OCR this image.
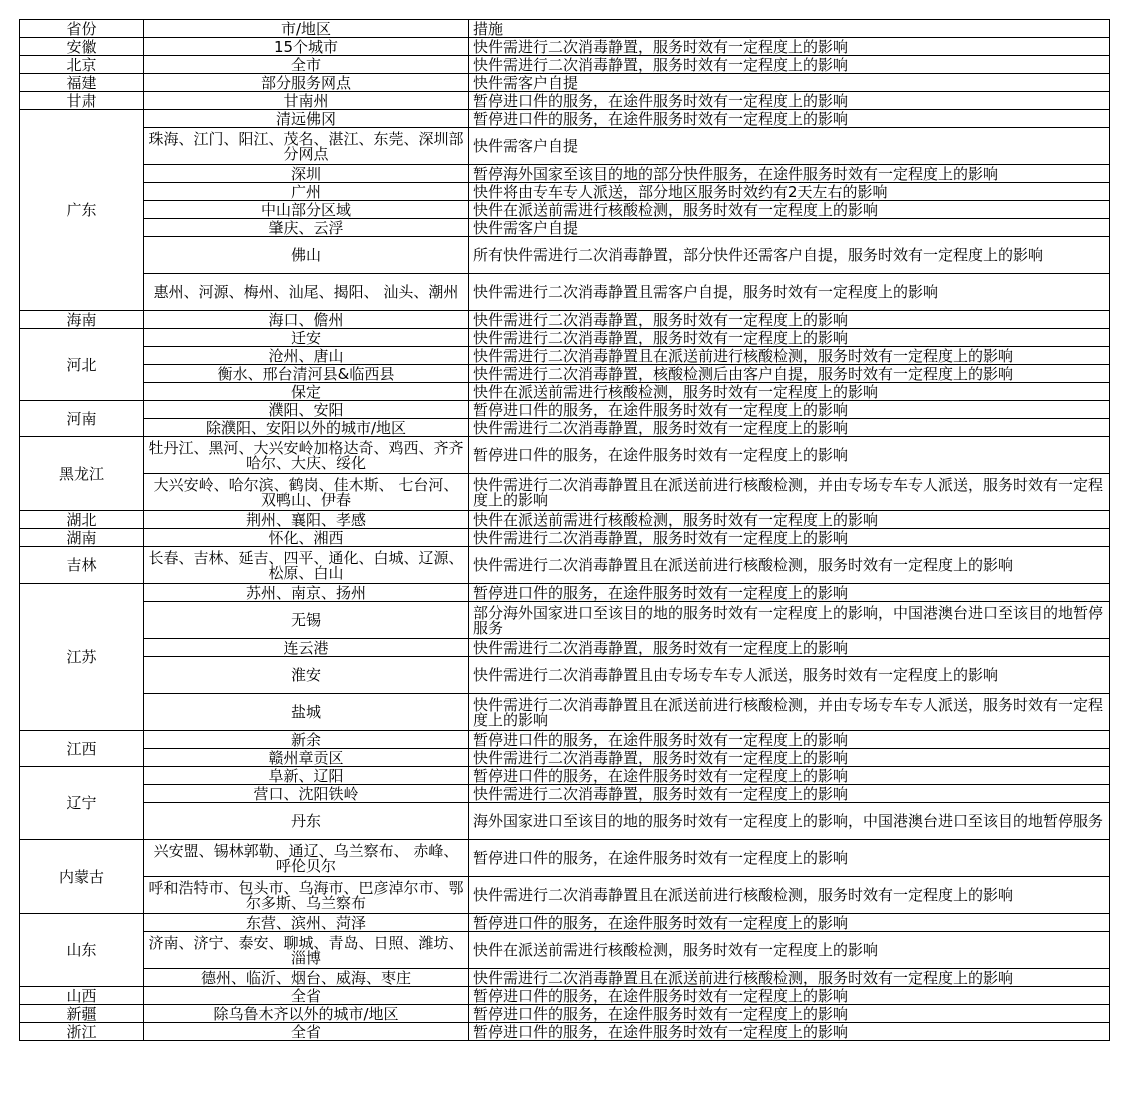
省份	市/地区	措施
安徽	15个城市	快件需进行二次消毒静置，服务时效有一定程度上的影响
北京	全市	快件需进行二次消毒静置，服务时效有一定程度上的影响
福建	部分服务网点	快件需客户自提
甘肃	甘南州	暂停进口件的服务，在途件服务时效有一定程度上的影响
广东	清远佛冈	暂停进口件的服务，在途件服务时效有一定程度上的影响
	珠海、江门、阳江、茂名、湛江、东莞、深圳部分网点	快件需客户自提
	深圳	暂停海外国家至该目的地的部分快件服务，在途件服务时效有一定程度上的影响
	广州	快件将由专车专人派送，部分地区服务时效约有2天左右的影响
	中山部分区域	快件在派送前需进行核酸检测，服务时效有一定程度上的影响
	肇庆、云浮	快件需客户自提
	佛山	所有快件需进行二次消毒静置，部分快件还需客户自提，服务时效有一定程度上的影响
	惠州、河源、梅州、汕尾、揭阳、 汕头、潮州	快件需进行二次消毒静置且需客户自提，服务时效有一定程度上的影响
海南	海口、儋州	快件需进行二次消毒静置，服务时效有一定程度上的影响
河北	迁安	快件需进行二次消毒静置，服务时效有一定程度上的影响
	沧州、唐山	快件需进行二次消毒静置且在派送前进行核酸检测，服务时效有一定程度上的影响
	衡水、邢台清河县&临西县	快件需进行二次消毒静置，核酸检测后由客户自提，服务时效有一定程度上的影响
	保定	快件在派送前需进行核酸检测，服务时效有一定程度上的影响
河南	濮阳、安阳	暂停进口件的服务，在途件服务时效有一定程度上的影响
	除濮阳、安阳以外的城市/地区	快件需进行二次消毒静置，服务时效有一定程度上的影响
黑龙江	牡丹江、黑河、大兴安岭加格达奇、鸡西、齐齐哈尔、大庆、绥化	暂停进口件的服务，在途件服务时效有一定程度上的影响
	大兴安岭、哈尔滨、鹤岗、佳木斯、 七台河、双鸭山、伊春	快件需进行二次消毒静置且在派送前进行核酸检测，并由专场专车专人派送，服务时效有一定程度上的影响
湖北	荆州、襄阳、孝感	快件在派送前需进行核酸检测，服务时效有一定程度上的影响
湖南	怀化、湘西	快件需进行二次消毒静置，服务时效有一定程度上的影响
吉林	长春、吉林、延吉、四平、通化、白城、辽源、松原、白山	快件需进行二次消毒静置且在派送前进行核酸检测，服务时效有一定程度上的影响
江苏	苏州、南京、扬州	暂停进口件的服务，在途件服务时效有一定程度上的影响
	无锡	部分海外国家进口至该目的地的服务时效有一定程度上的影响，中国港澳台进口至该目的地暂停服务
	连云港	快件需进行二次消毒静置，服务时效有一定程度上的影响
	淮安	快件需进行二次消毒静置且由专场专车专人派送，服务时效有一定程度上的影响
	盐城	快件需进行二次消毒静置且在派送前进行核酸检测，并由专场专车专人派送，服务时效有一定程度上的影响
江西	新余	暂停进口件的服务，在途件服务时效有一定程度上的影响
	赣州章贡区	快件需进行二次消毒静置，服务时效有一定程度上的影响
辽宁	阜新、辽阳	暂停进口件的服务，在途件服务时效有一定程度上的影响
	营口、沈阳铁岭	快件需进行二次消毒静置，服务时效有一定程度上的影响
	丹东	海外国家进口至该目的地的服务时效有一定程度上的影响，中国港澳台进口至该目的地暂停服务
内蒙古	兴安盟、锡林郭勒、通辽、乌兰察布、 赤峰、呼伦贝尔	暂停进口件的服务，在途件服务时效有一定程度上的影响
	呼和浩特市、包头市、乌海市、巴彦淖尔市、鄂尔多斯、乌兰察布	快件需进行二次消毒静置且在派送前进行核酸检测，服务时效有一定程度上的影响
山东	东营、滨州、菏泽	暂停进口件的服务，在途件服务时效有一定程度上的影响
	济南、济宁、泰安、聊城、青岛、日照、潍坊、淄博	快件在派送前需进行核酸检测，服务时效有一定程度上的影响
	德州、临沂、烟台、威海、枣庄	快件需进行二次消毒静置且在派送前进行核酸检测，服务时效有一定程度上的影响
山西	全省	暂停进口件的服务，在途件服务时效有一定程度上的影响
新疆	除乌鲁木齐以外的城市/地区	暂停进口件的服务，在途件服务时效有一定程度上的影响
浙江	全省	暂停进口件的服务，在途件服务时效有一定程度上的影响
